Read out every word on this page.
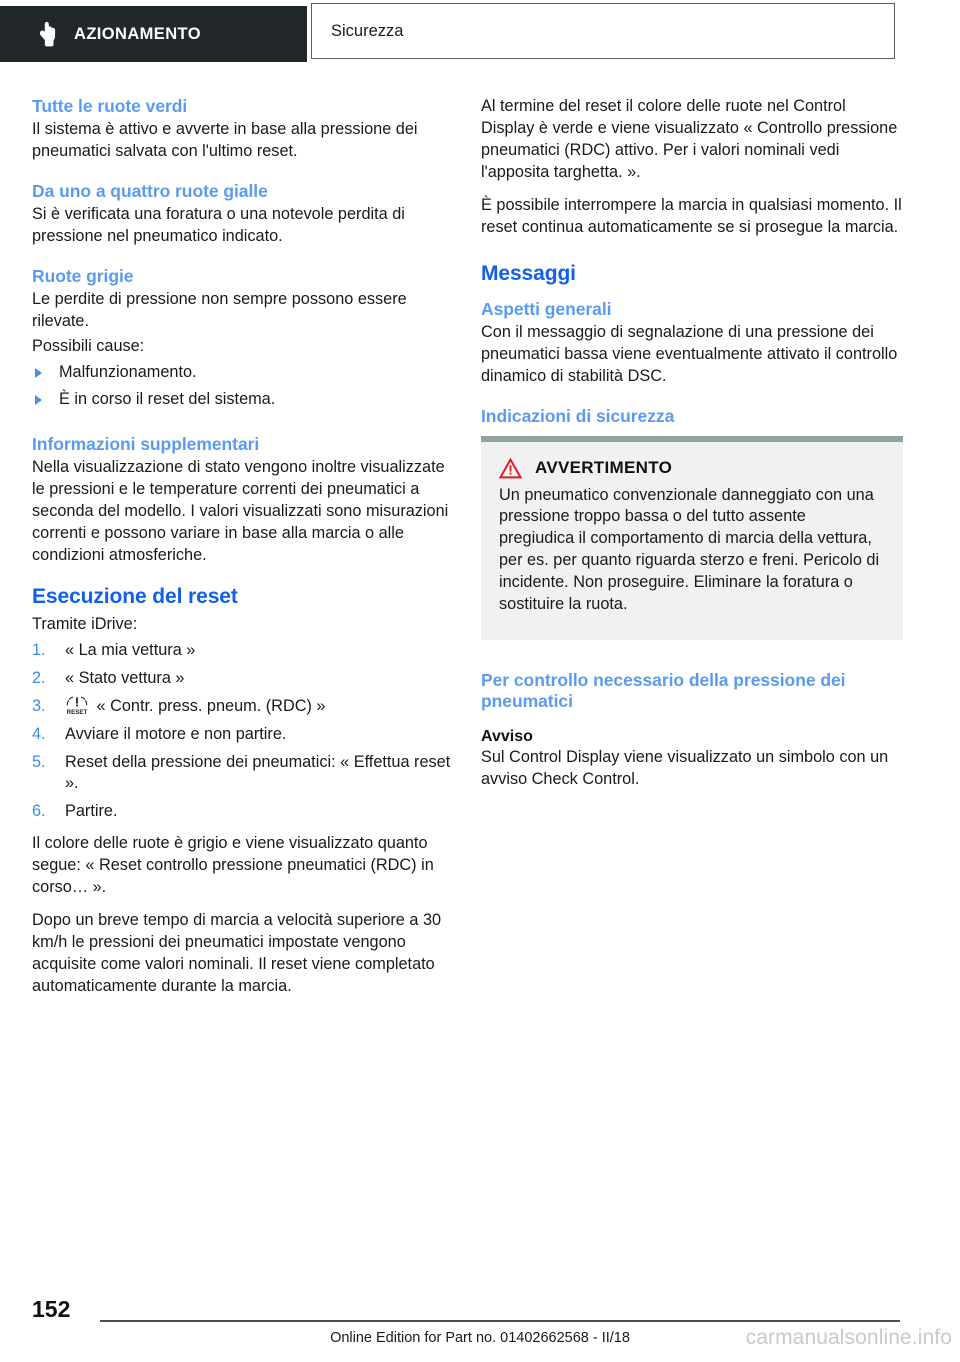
AZIONAMENTO	Sicurezza
Tutte le ruote verdi

Il sistema è attivo e avverte in base alla pressione dei pneumatici salvata con l'ultimo reset.

Da uno a quattro ruote gialle

Si è verificata una foratura o una notevole perdita di pressione nel pneumatico indicato.

Ruote grigie

Le perdite di pressione non sempre possono essere rilevate.

Possibili cause:

Malfunzionamento.
È in corso il reset del sistema.
Informazioni supplementari

Nella visualizzazione di stato vengono inoltre visualizzate le pressioni e le temperature correnti dei pneumatici a seconda del modello. I valori visualizzati sono misurazioni correnti e possono variare in base alla marcia o alle condizioni atmosferiche.

Esecuzione del reset

Tramite iDrive:

1. « La mia vettura »
2. « Stato vettura »
3.	RESET « Contr. press. pneum. (RDC) »
4. Avviare il motore e non partire.
5. Reset della pressione dei pneumatici: « Effettua reset ».
6. Partire.

Il colore delle ruote è grigio e viene visualizzato quanto segue: « Reset controllo pressione pneumatici (RDC) in corso… ».

Dopo un breve tempo di marcia a velocità superiore a 30 km/h le pressioni dei pneumatici impostate vengono acquisite come valori nominali. Il reset viene completato automaticamente durante la marcia.

Al termine del reset il colore delle ruote nel Control Display è verde e viene visualizzato « Controllo pressione pneumatici (RDC) attivo. Per i valori nominali vedi l'apposita targhetta. ».

È possibile interrompere la marcia in qualsiasi momento. Il reset continua automaticamente se si prosegue la marcia.

Messaggi
Aspetti generali

Con il messaggio di segnalazione di una pressione dei pneumatici bassa viene eventualmente attivato il controllo dinamico di stabilità DSC.

Indicazioni di sicurezza
AVVERTIMENTO

Un pneumatico convenzionale danneggiato con una pressione troppo bassa o del tutto assente pregiudica il comportamento di marcia della vettura, per es. per quanto riguarda sterzo e freni. Pericolo di incidente. Non proseguire. Eliminare la foratura o sostituire la ruota.

Per controllo necessario della pressione dei pneumatici
Avviso

Sul Control Display viene visualizzato un simbolo con un avviso Check Control.

152
Online Edition for Part no. 01402662568 - II/18	carmanualsonline.info
